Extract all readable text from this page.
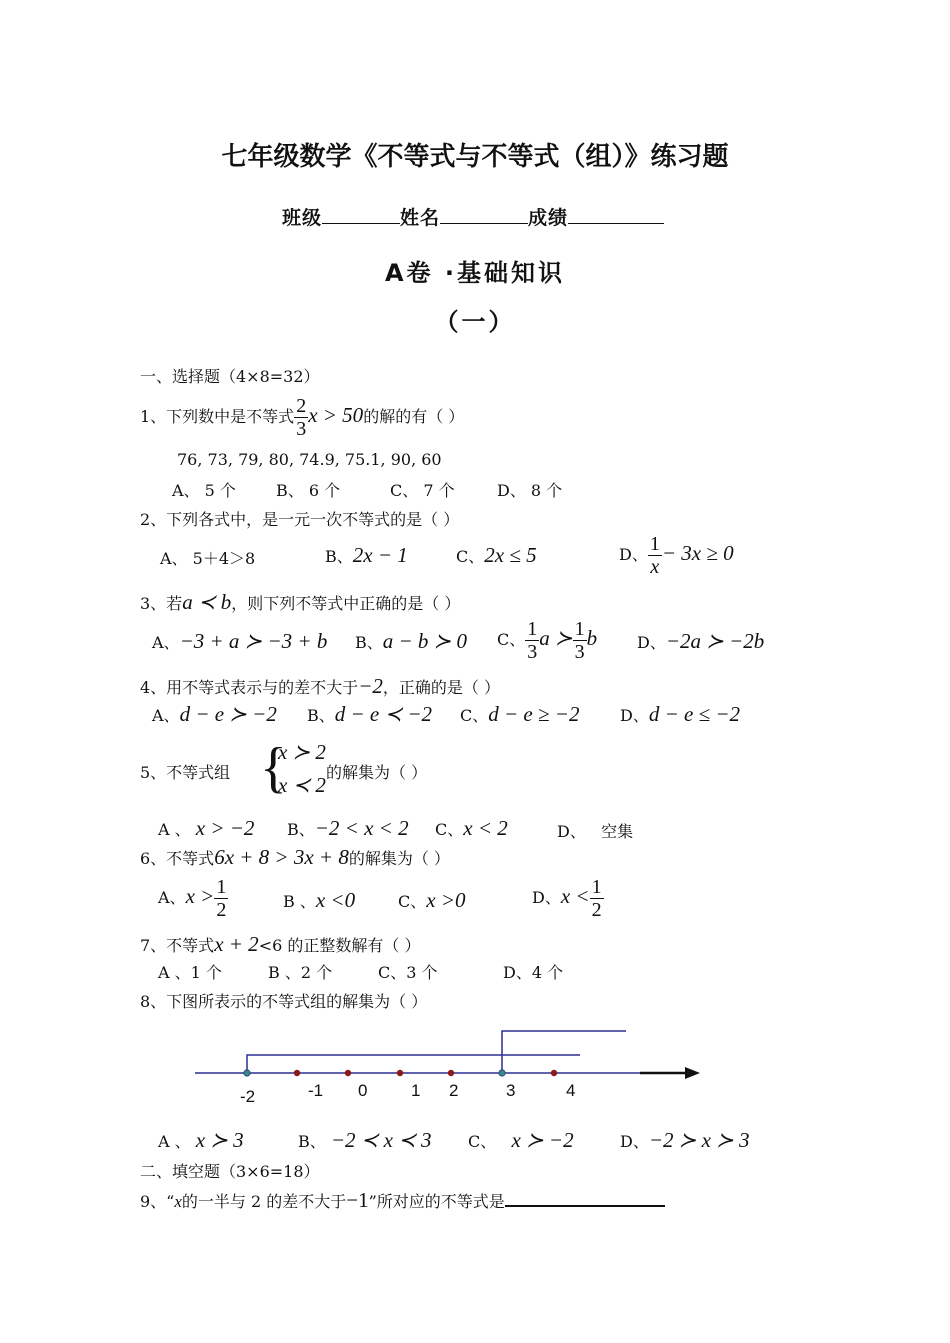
七年级数学《不等式与不等式（组）》练习题
班级	姓名	成绩
A卷 ·基础知识
（一）
一、选择题（4×8=32）
1、下列数中是不等式 $\frac{2}{3}$ x > 50的解的有（ ）
76, 73, 79, 80, 74.9, 75.1, 90, 60
A、 5 个	B、 6 个	C、 7 个	D、 8 个
2、下列各式中，是一元一次不等式的是（ ）
A、 5＋4＞8	B、2x − 1	C、2x ≤ 5	D、 $\frac{1}{x} - 3x \ge 0$
3、若a ≺ b，则下列不等式中正确的是（ ）
A、−3 + a ≻ −3 + b B、a − b ≻ 0 C、 $\frac{1}{3}$ a ≻ $\frac{1}{3}$ b D、−2a ≻ −2b
4、用不等式表示与的差不大于−2，正确的是（ ）
A、d − e ≻ −2 B、d − e ≺ −2 C、d − e ≥ −2	D、d − e ≤ −2
5、不等式组 {
x ≻ 2
x ≺ 2
的解集为（ ）
A 、 x > −2 B、−2 < x < 2 C、x < 2	D、 空集
6、不等式6x + 8 > 3x + 8的解集为（ ）
A、$x > \frac{1}{2}$	B 、x <0	C、x >0	D、$x < \frac{1}{2}$
7、不等式x + 2<6 的正整数解有（ ）
A 、1 个	B 、2 个	C、3 个	D、4 个
8、下图所表示的不等式组的解集为（ ）
-2	-1 0	1 2	3	4
A 、 x ≻ 3	B、 −2 ≺ x ≺ 3 C、 x ≻ −2	D、−2 ≻ x ≻ 3
二、填空题（3×6=18）
9、“x的一半与 2 的差不大于−1”所对应的不等式是
